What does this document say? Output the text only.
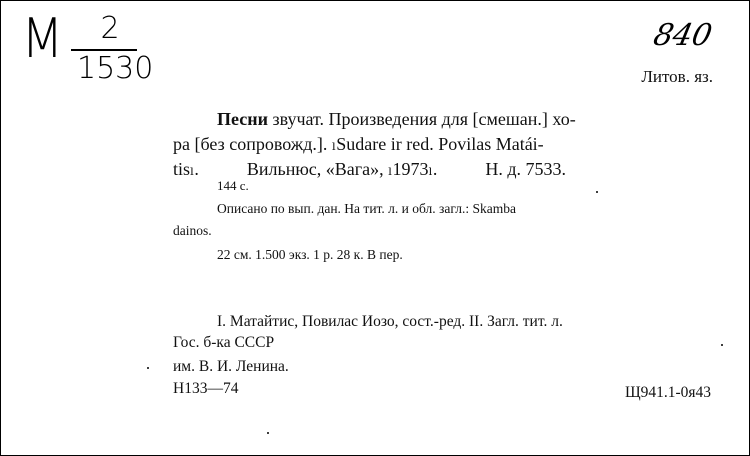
М	2
1530
840
Литов. яз.
Песни звучат. Произведения для [смешан.] хо-
ра [без сопровожд.]. ₗSudare ir red. Povilas Matái-
tisₗ.	Вильнюс, «Вага», ₗ1973ₗ.	Н. д. 7533.
144 с.
Описано по вып. дан. На тит. л. и обл. загл.: Skamba
dainos.
22 см. 1.500 экз. 1 р. 28 к. В пер.
I. Матайтис, Повилас Иозо, сост.-ред. II. Загл. тит. л.
Гос. б-ка СССР
им. В. И. Ленина.
Н133—74	Щ941.1-0я43
